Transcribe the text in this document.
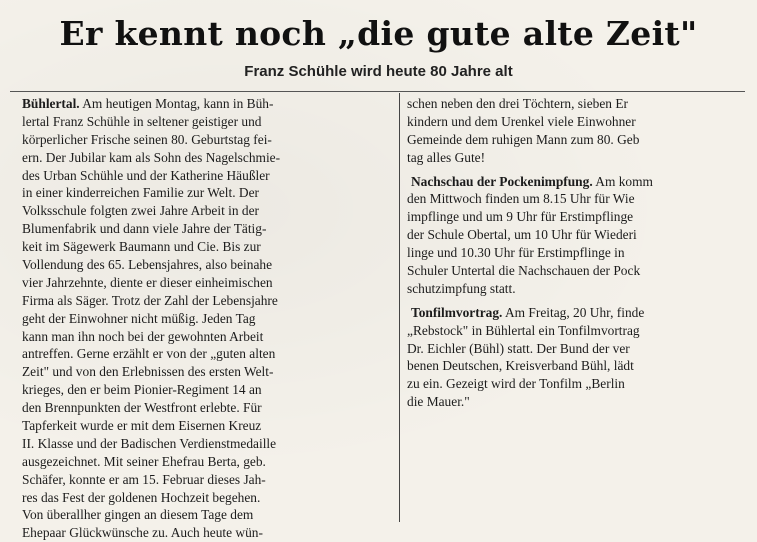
Er kennt noch „die gute alte Zeit"
Franz Schühle wird heute 80 Jahre alt
Bühlertal. Am heutigen Montag, kann in Büh-
lertal Franz Schühle in seltener geistiger und
körperlicher Frische seinen 80. Geburtstag fei-
ern. Der Jubilar kam als Sohn des Nagelschmie-
des Urban Schühle und der Katherine Häußler
in einer kinderreichen Familie zur Welt. Der
Volksschule folgten zwei Jahre Arbeit in der
Blumenfabrik und dann viele Jahre der Tätig-
keit im Sägewerk Baumann und Cie. Bis zur
Vollendung des 65. Lebensjahres, also beinahe
vier Jahrzehnte, diente er dieser einheimischen
Firma als Säger. Trotz der Zahl der Lebensjahre
geht der Einwohner nicht müßig. Jeden Tag
kann man ihn noch bei der gewohnten Arbeit
antreffen. Gerne erzählt er von der „guten alten
Zeit" und von den Erlebnissen des ersten Welt-
krieges, den er beim Pionier-Regiment 14 an
den Brennpunkten der Westfront erlebte. Für
Tapferkeit wurde er mit dem Eisernen Kreuz
II. Klasse und der Badischen Verdienstmedaille
ausgezeichnet. Mit seiner Ehefrau Berta, geb.
Schäfer, konnte er am 15. Februar dieses Jah-
res das Fest der goldenen Hochzeit begehen.
Von überallher gingen an diesem Tage dem
Ehepaar Glückwünsche zu. Auch heute wün-
schen neben den drei Töchtern, sieben Er
kindern und dem Urenkel viele Einwohner
Gemeinde dem ruhigen Mann zum 80. Geb
tag alles Gute!
Nachschau der Pockenimpfung. Am komm
den Mittwoch finden um 8.15 Uhr für Wie
impflinge und um 9 Uhr für Erstimpflinge
der Schule Obertal, um 10 Uhr für Wiederi
linge und 10.30 Uhr für Erstimpflinge in
Schuler Untertal die Nachschauen der Pock
schutzimpfung statt.
Tonfilmvortrag. Am Freitag, 20 Uhr, finde
„Rebstock" in Bühlertal ein Tonfilmvortrag
Dr. Eichler (Bühl) statt. Der Bund der ver
benen Deutschen, Kreisverband Bühl, lädt
zu ein. Gezeigt wird der Tonfilm „Berlin
die Mauer."
